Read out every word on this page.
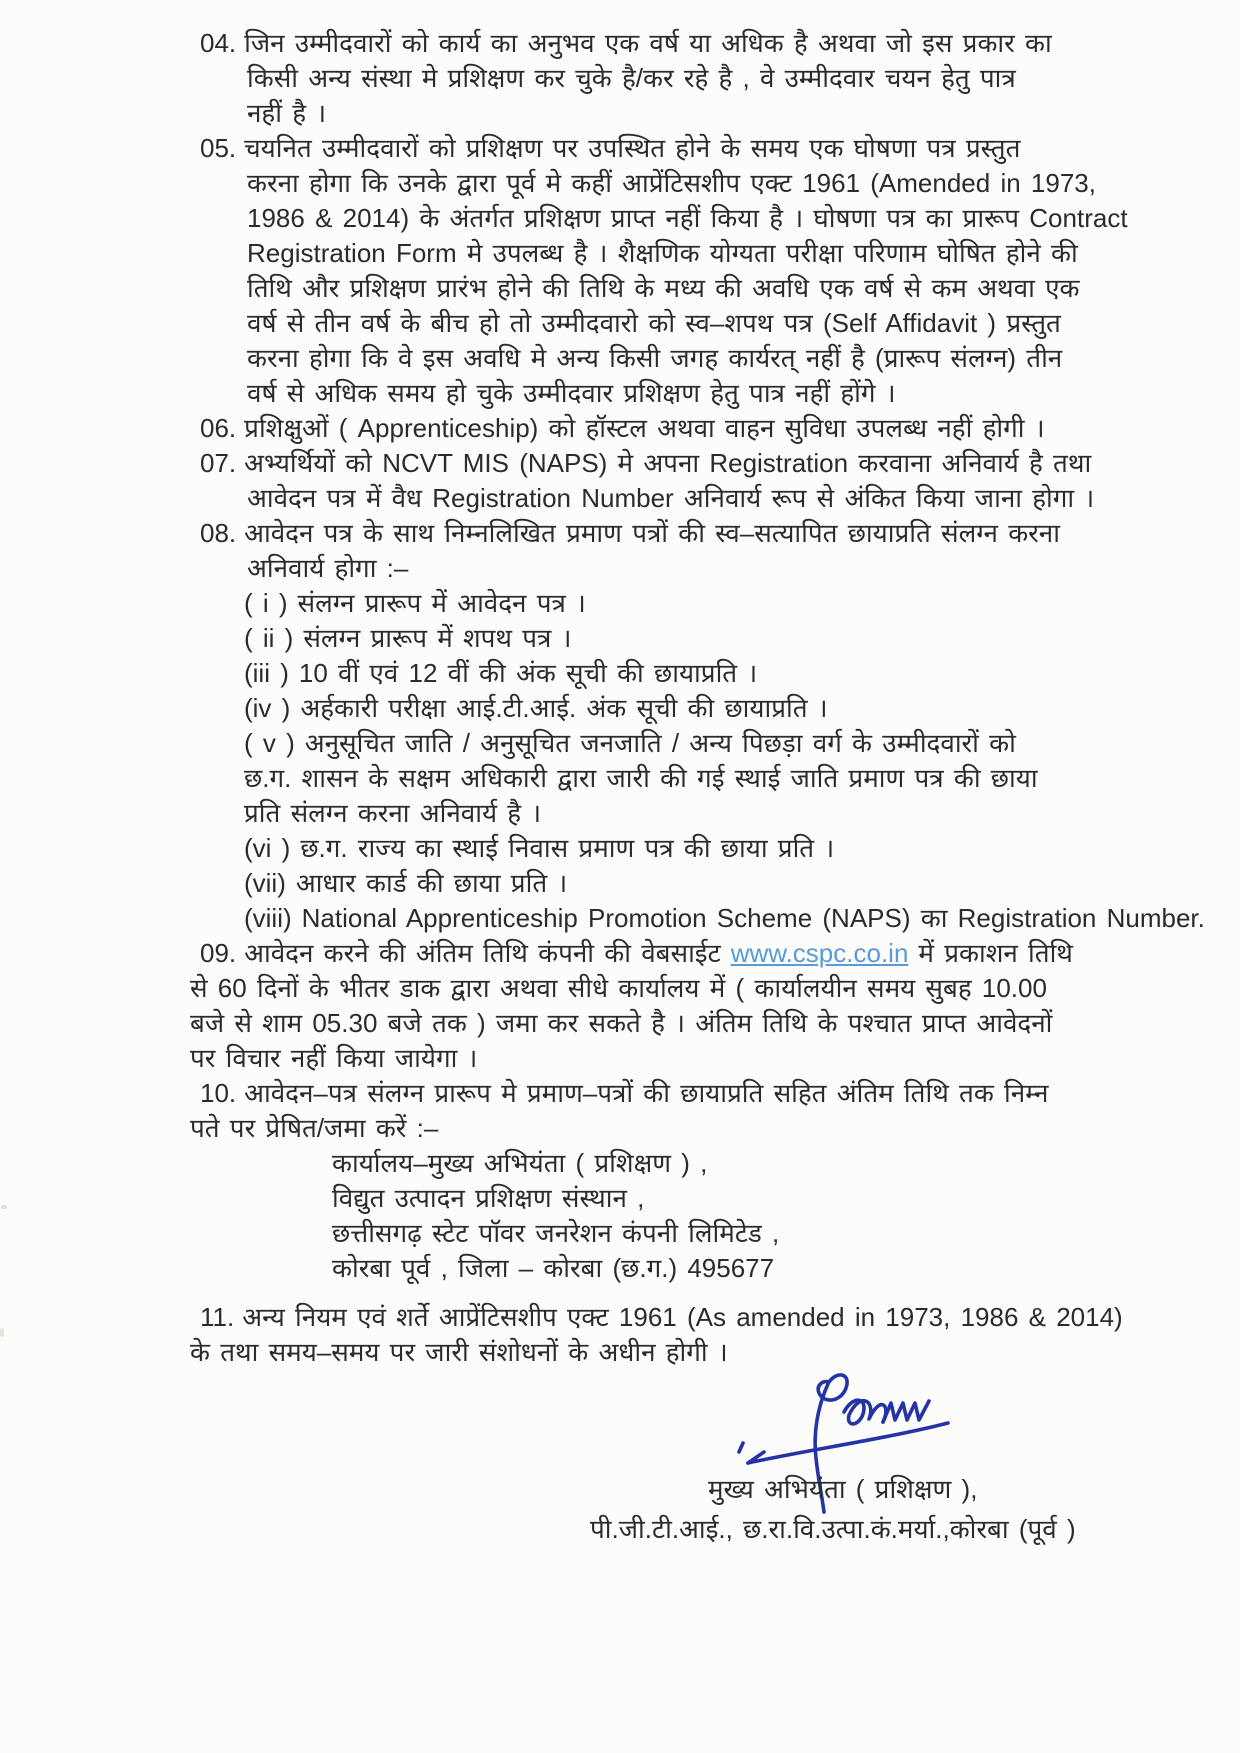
04. जिन उम्मीदवारों को कार्य का अनुभव एक वर्ष या अधिक है अथवा जो इस प्रकार का
किसी अन्य संस्था मे प्रशिक्षण कर चुके है/कर रहे है , वे उम्मीदवार चयन हेतु पात्र
नहीं है ।
05. चयनित उम्मीदवारों को प्रशिक्षण पर उपस्थित होने के समय एक घोषणा पत्र प्रस्तुत
करना होगा कि उनके द्वारा पूर्व मे कहीं आप्रेंटिसशीप एक्ट 1961 (Amended in 1973,
1986 & 2014) के अंतर्गत प्रशिक्षण प्राप्त नहीं किया है । घोषणा पत्र का प्रारूप Contract
Registration Form मे उपलब्ध है । शैक्षणिक योग्यता परीक्षा परिणाम घोषित होने की
तिथि और प्रशिक्षण प्रारंभ होने की तिथि के मध्य की अवधि एक वर्ष से कम अथवा एक
वर्ष से तीन वर्ष के बीच हो तो उम्मीदवारो को स्व–शपथ पत्र (Self Affidavit ) प्रस्तुत
करना होगा कि वे इस अवधि मे अन्य किसी जगह कार्यरत् नहीं है (प्रारूप संलग्न) तीन
वर्ष से अधिक समय हो चुके उम्मीदवार प्रशिक्षण हेतु पात्र नहीं होंगे ।
06. प्रशिक्षुओं ( Apprenticeship) को हॉस्टल अथवा वाहन सुविधा उपलब्ध नहीं होगी ।
07. अभ्यर्थियों को NCVT MIS (NAPS) मे अपना Registration करवाना अनिवार्य है तथा
आवेदन पत्र में वैध Registration Number अनिवार्य रूप से अंकित किया जाना होगा ।
08. आवेदन पत्र के साथ निम्नलिखित प्रमाण पत्रों की स्व–सत्यापित छायाप्रति संलग्न करना
अनिवार्य होगा :–
( i ) संलग्न प्रारूप में आवेदन पत्र ।
( ii ) संलग्न प्रारूप में शपथ पत्र ।
(iii ) 10 वीं एवं 12 वीं की अंक सूची की छायाप्रति ।
(iv ) अर्हकारी परीक्षा आई.टी.आई. अंक सूची की छायाप्रति ।
( v ) अनुसूचित जाति / अनुसूचित जनजाति / अन्य पिछड़ा वर्ग के उम्मीदवारों को
छ.ग. शासन के सक्षम अधिकारी द्वारा जारी की गई स्थाई जाति प्रमाण पत्र की छाया
प्रति संलग्न करना अनिवार्य है ।
(vi ) छ.ग. राज्य का स्थाई निवास प्रमाण पत्र की छाया प्रति ।
(vii) आधार कार्ड की छाया प्रति ।
(viii) National Apprenticeship Promotion Scheme (NAPS) का Registration Number.
09. आवेदन करने की अंतिम तिथि कंपनी की वेबसाईट www.cspc.co.in में प्रकाशन तिथि
से 60 दिनों के भीतर डाक द्वारा अथवा सीधे कार्यालय में ( कार्यालयीन समय सुबह 10.00
बजे से शाम 05.30 बजे तक ) जमा कर सकते है । अंतिम तिथि के पश्चात प्राप्त आवेदनों
पर विचार नहीं किया जायेगा ।
10. आवेदन–पत्र संलग्न प्रारूप मे प्रमाण–पत्रों की छायाप्रति सहित अंतिम तिथि तक निम्न
पते पर प्रेषित/जमा करें :–
कार्यालय–मुख्य अभियंता ( प्रशिक्षण ) ,
विद्युत उत्पादन प्रशिक्षण संस्थान ,
छत्तीसगढ़ स्टेट पॉवर जनरेशन कंपनी लिमिटेड ,
कोरबा पूर्व , जिला – कोरबा (छ.ग.) 495677
11. अन्य नियम एवं शर्ते आप्रेंटिसशीप एक्ट 1961 (As amended in 1973, 1986 & 2014)
के तथा समय–समय पर जारी संशोधनों के अधीन होगी ।
मुख्य अभियंता ( प्रशिक्षण ),
पी.जी.टी.आई., छ.रा.वि.उत्पा.कं.मर्या.,कोरबा (पूर्व )
